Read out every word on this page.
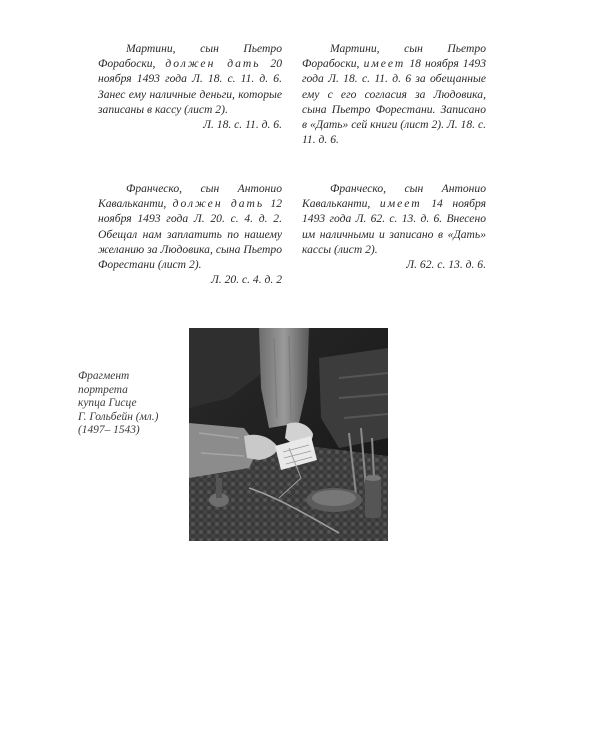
Мартини, сын Пьетро Форабоски, должен дать 20 ноября 1493 года Л. 18. с. 11. д. 6. Занес ему наличные деньги, которые записаны в кассу (лист 2).
Л. 18. с. 11. д. 6.

Франческо, сын Антонио Кавальканти, должен дать 12 ноября 1493 года Л. 20. с. 4. д. 2. Обещал нам заплатить по нашему желанию за Людовика, сына Пьетро Форестани (лист 2).
Л. 20. с. 4. д. 2

Мартини, сын Пьетро Форабоски, имеет 18 ноября 1493 года Л. 18. с. 11. д. 6 за обещанные ему с его согласия за Людовика, сына Пьетро Форестани. Записано в «Дать» сей книги (лист 2). Л. 18. с. 11. д. 6.

Франческо, сын Антонио Кавальканти, имеет 14 ноября 1493 года Л. 62. с. 13. д. 6. Внесено им наличными и записано в «Дать» кассы (лист 2).
Л. 62. с. 13. д. 6.

Фрагмент
портрета
купца Гисце
Г. Гольбейн (мл.)
(1497– 1543)
